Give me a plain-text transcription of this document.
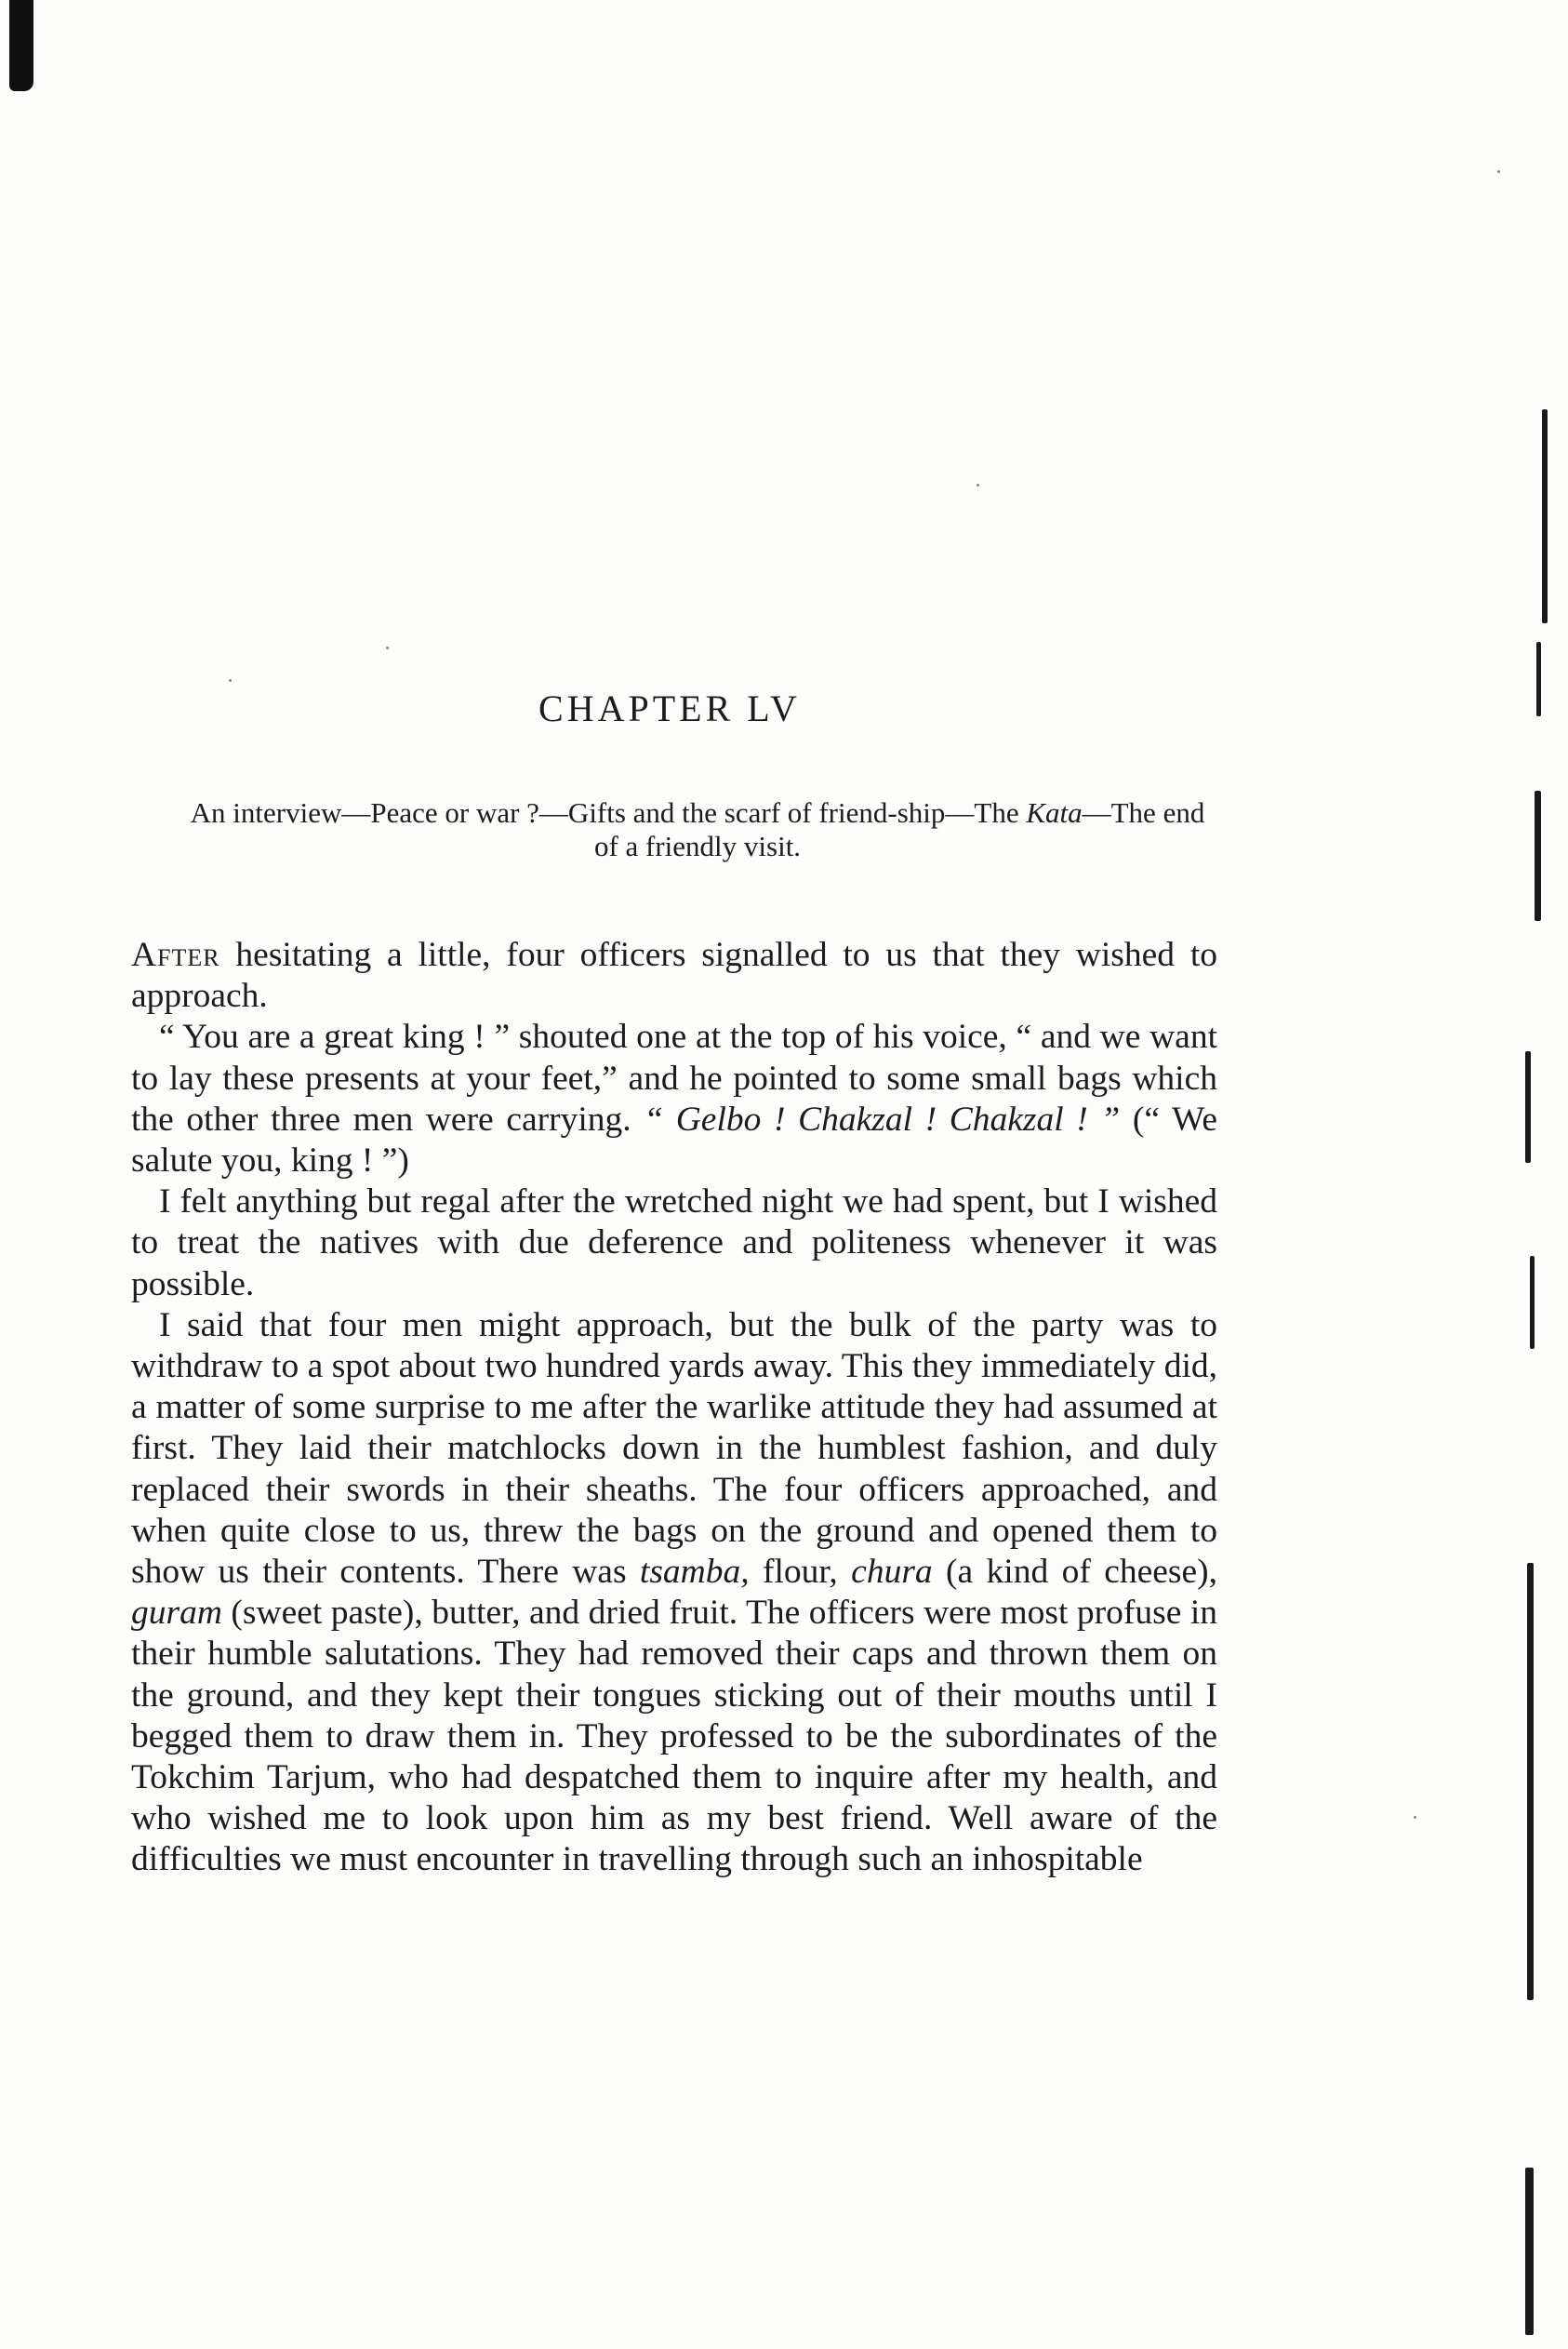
CHAPTER LV

An interview—Peace or war ?—Gifts and the scarf of friend-ship—The Kata—The end of a friendly visit.

After hesitating a little, four officers signalled to us that they wished to approach.

“ You are a great king ! ” shouted one at the top of his voice, “ and we want to lay these presents at your feet,” and he pointed to some small bags which the other three men were carrying. “ Gelbo ! Chakzal ! Chakzal ! ” (“ We salute you, king ! ”)

I felt anything but regal after the wretched night we had spent, but I wished to treat the natives with due deference and politeness whenever it was possible.

I said that four men might approach, but the bulk of the party was to withdraw to a spot about two hundred yards away. This they immediately did, a matter of some surprise to me after the warlike attitude they had assumed at first. They laid their matchlocks down in the humblest fashion, and duly replaced their swords in their sheaths. The four officers approached, and when quite close to us, threw the bags on the ground and opened them to show us their contents. There was tsamba, flour, chura (a kind of cheese), guram (sweet paste), butter, and dried fruit. The officers were most profuse in their humble salutations. They had removed their caps and thrown them on the ground, and they kept their tongues sticking out of their mouths until I begged them to draw them in. They professed to be the subordinates of the Tokchim Tarjum, who had despatched them to inquire after my health, and who wished me to look upon him as my best friend. Well aware of the difficulties we must encounter in travelling through such an inhospitable
